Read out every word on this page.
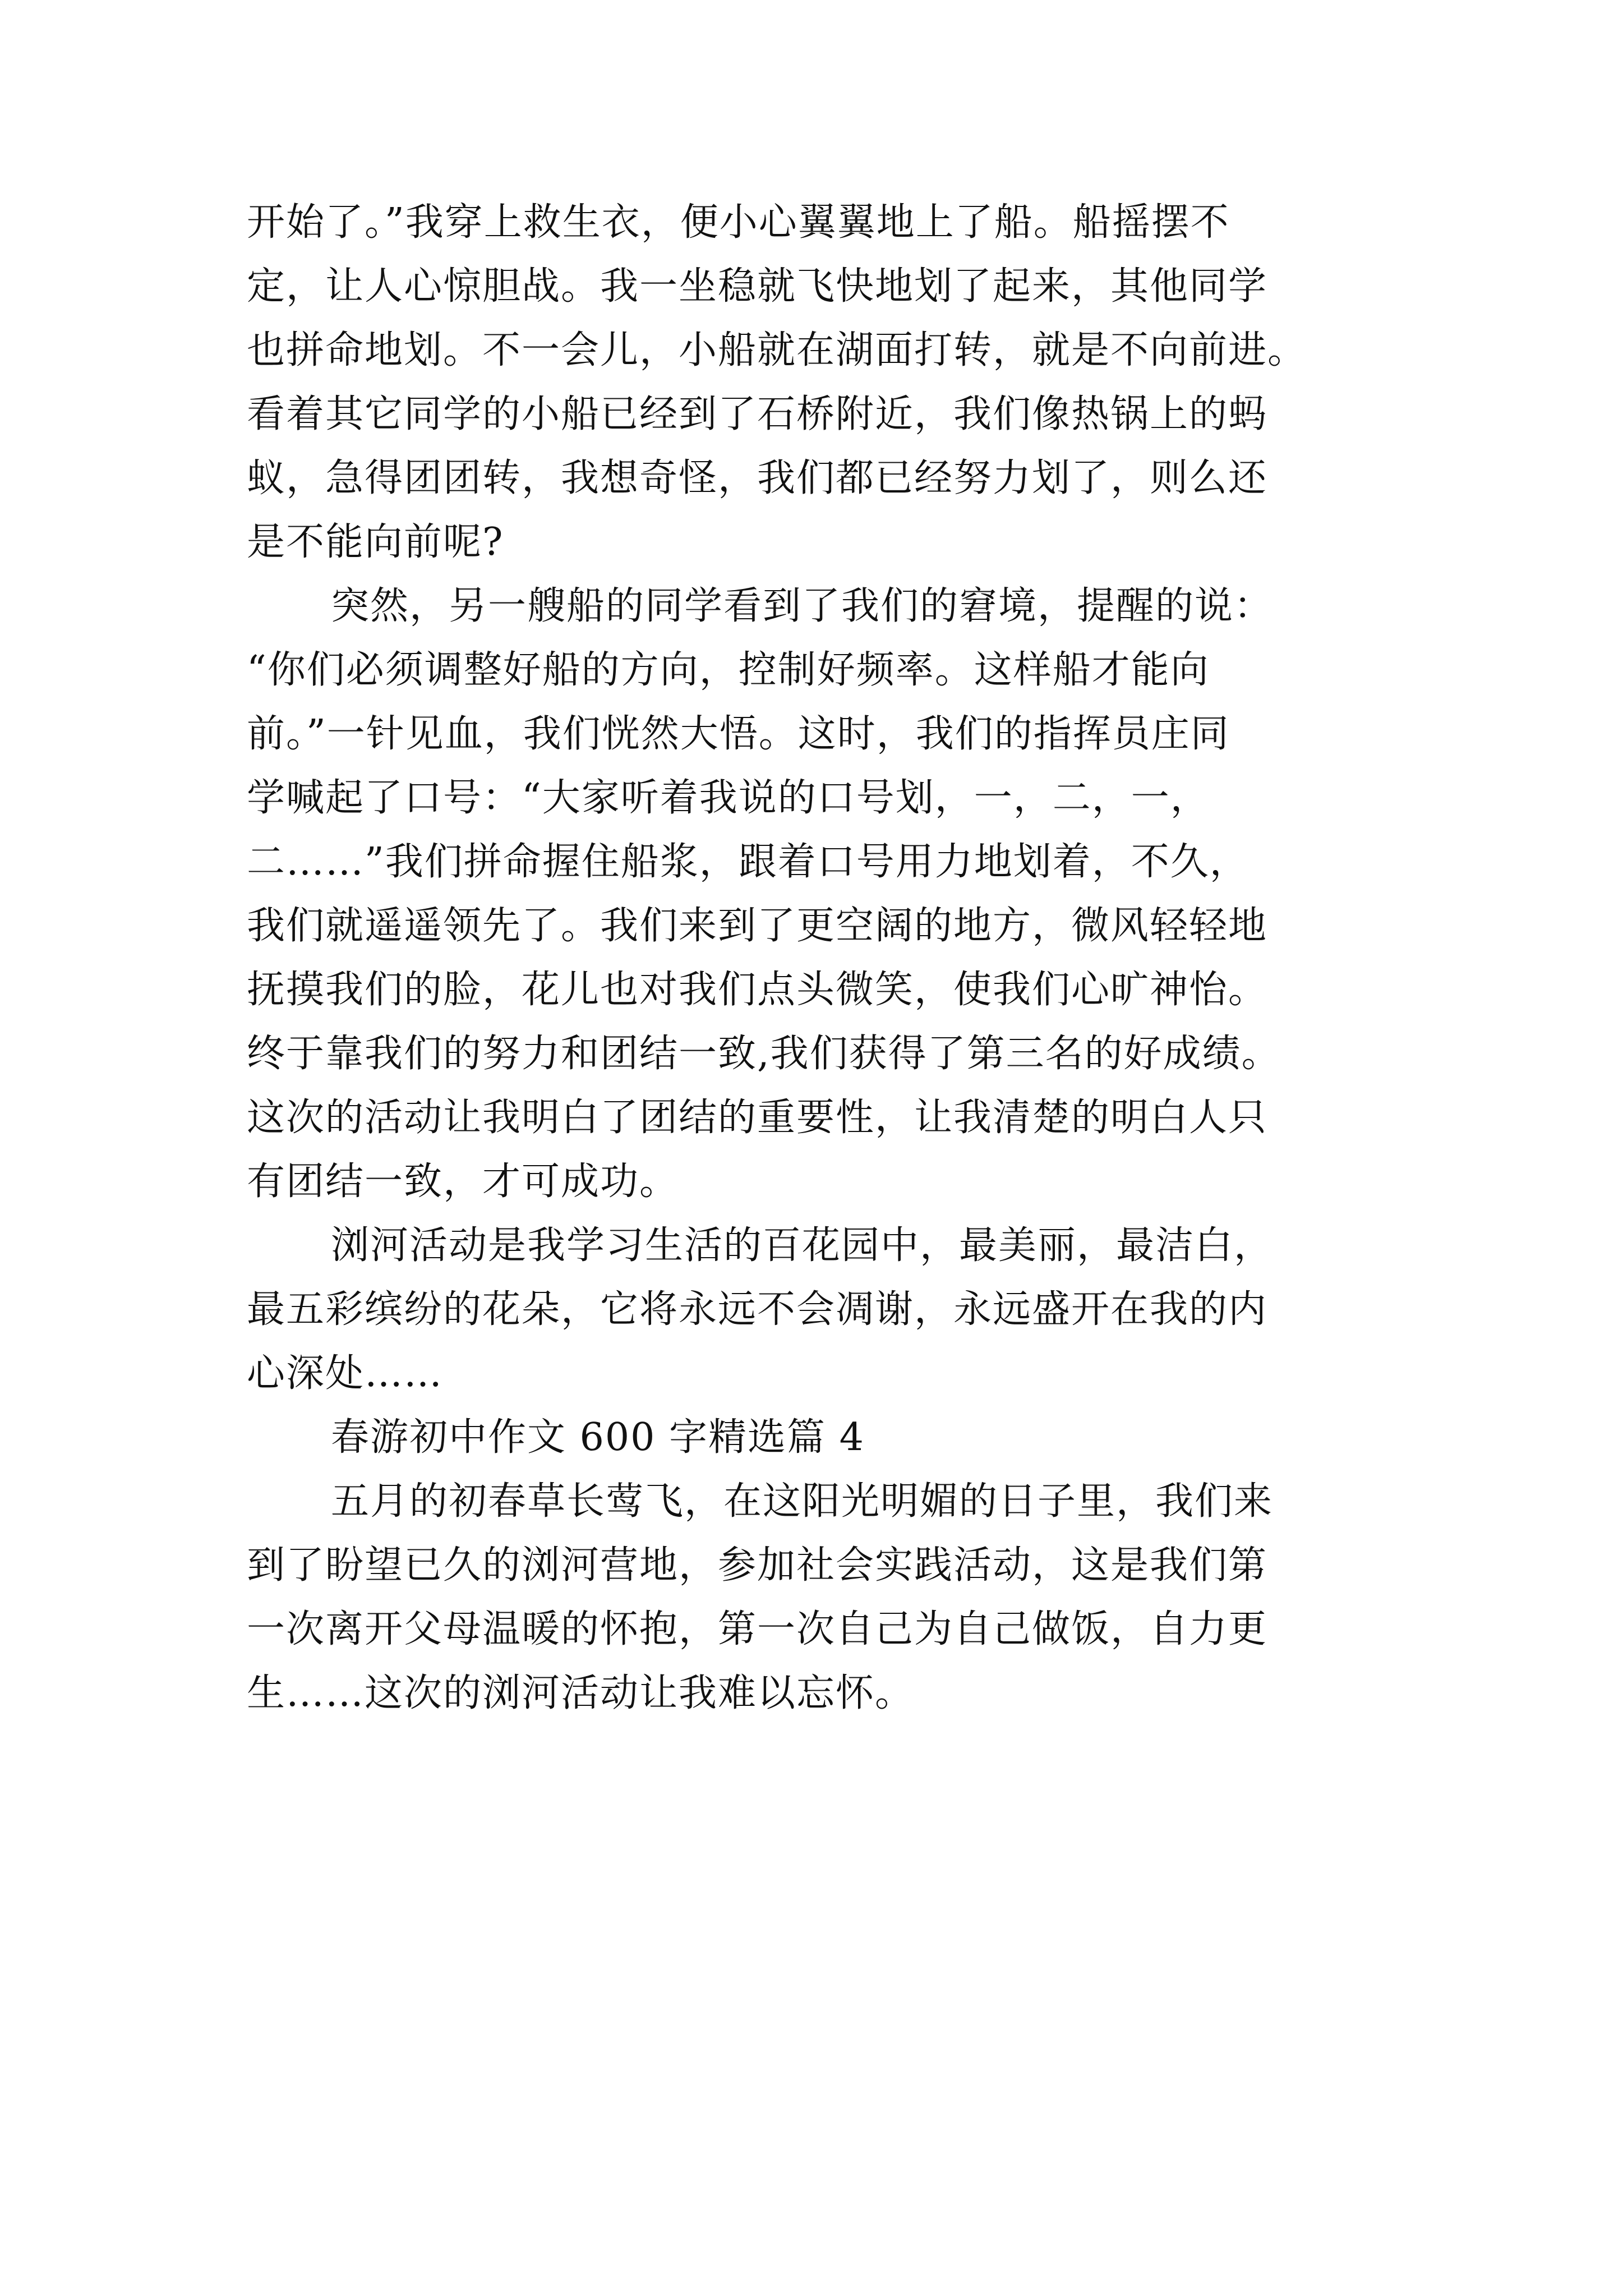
开始了。”我穿上救生衣，便小心翼翼地上了船。船摇摆不
定，让人心惊胆战。我一坐稳就飞快地划了起来，其他同学
也拼命地划。不一会儿，小船就在湖面打转，就是不向前进。
看着其它同学的小船已经到了石桥附近，我们像热锅上的蚂
蚁，急得团团转，我想奇怪，我们都已经努力划了，则么还
是不能向前呢?
突然，另一艘船的同学看到了我们的窘境，提醒的说：
“你们必须调整好船的方向，控制好频率。这样船才能向
前。”一针见血，我们恍然大悟。这时，我们的指挥员庄同
学喊起了口号：“大家听着我说的口号划，一，二，一，
二……”我们拼命握住船浆，跟着口号用力地划着，不久，
我们就遥遥领先了。我们来到了更空阔的地方，微风轻轻地
抚摸我们的脸，花儿也对我们点头微笑，使我们心旷神怡。
终于靠我们的努力和团结一致,我们获得了第三名的好成绩。
这次的活动让我明白了团结的重要性，让我清楚的明白人只
有团结一致，才可成功。
浏河活动是我学习生活的百花园中，最美丽，最洁白，
最五彩缤纷的花朵，它将永远不会凋谢，永远盛开在我的内
心深处……
春游初中作文 600 字精选篇 4
五月的初春草长莺飞，在这阳光明媚的日子里，我们来
到了盼望已久的浏河营地，参加社会实践活动，这是我们第
一次离开父母温暖的怀抱，第一次自己为自己做饭，自力更
生……这次的浏河活动让我难以忘怀。
